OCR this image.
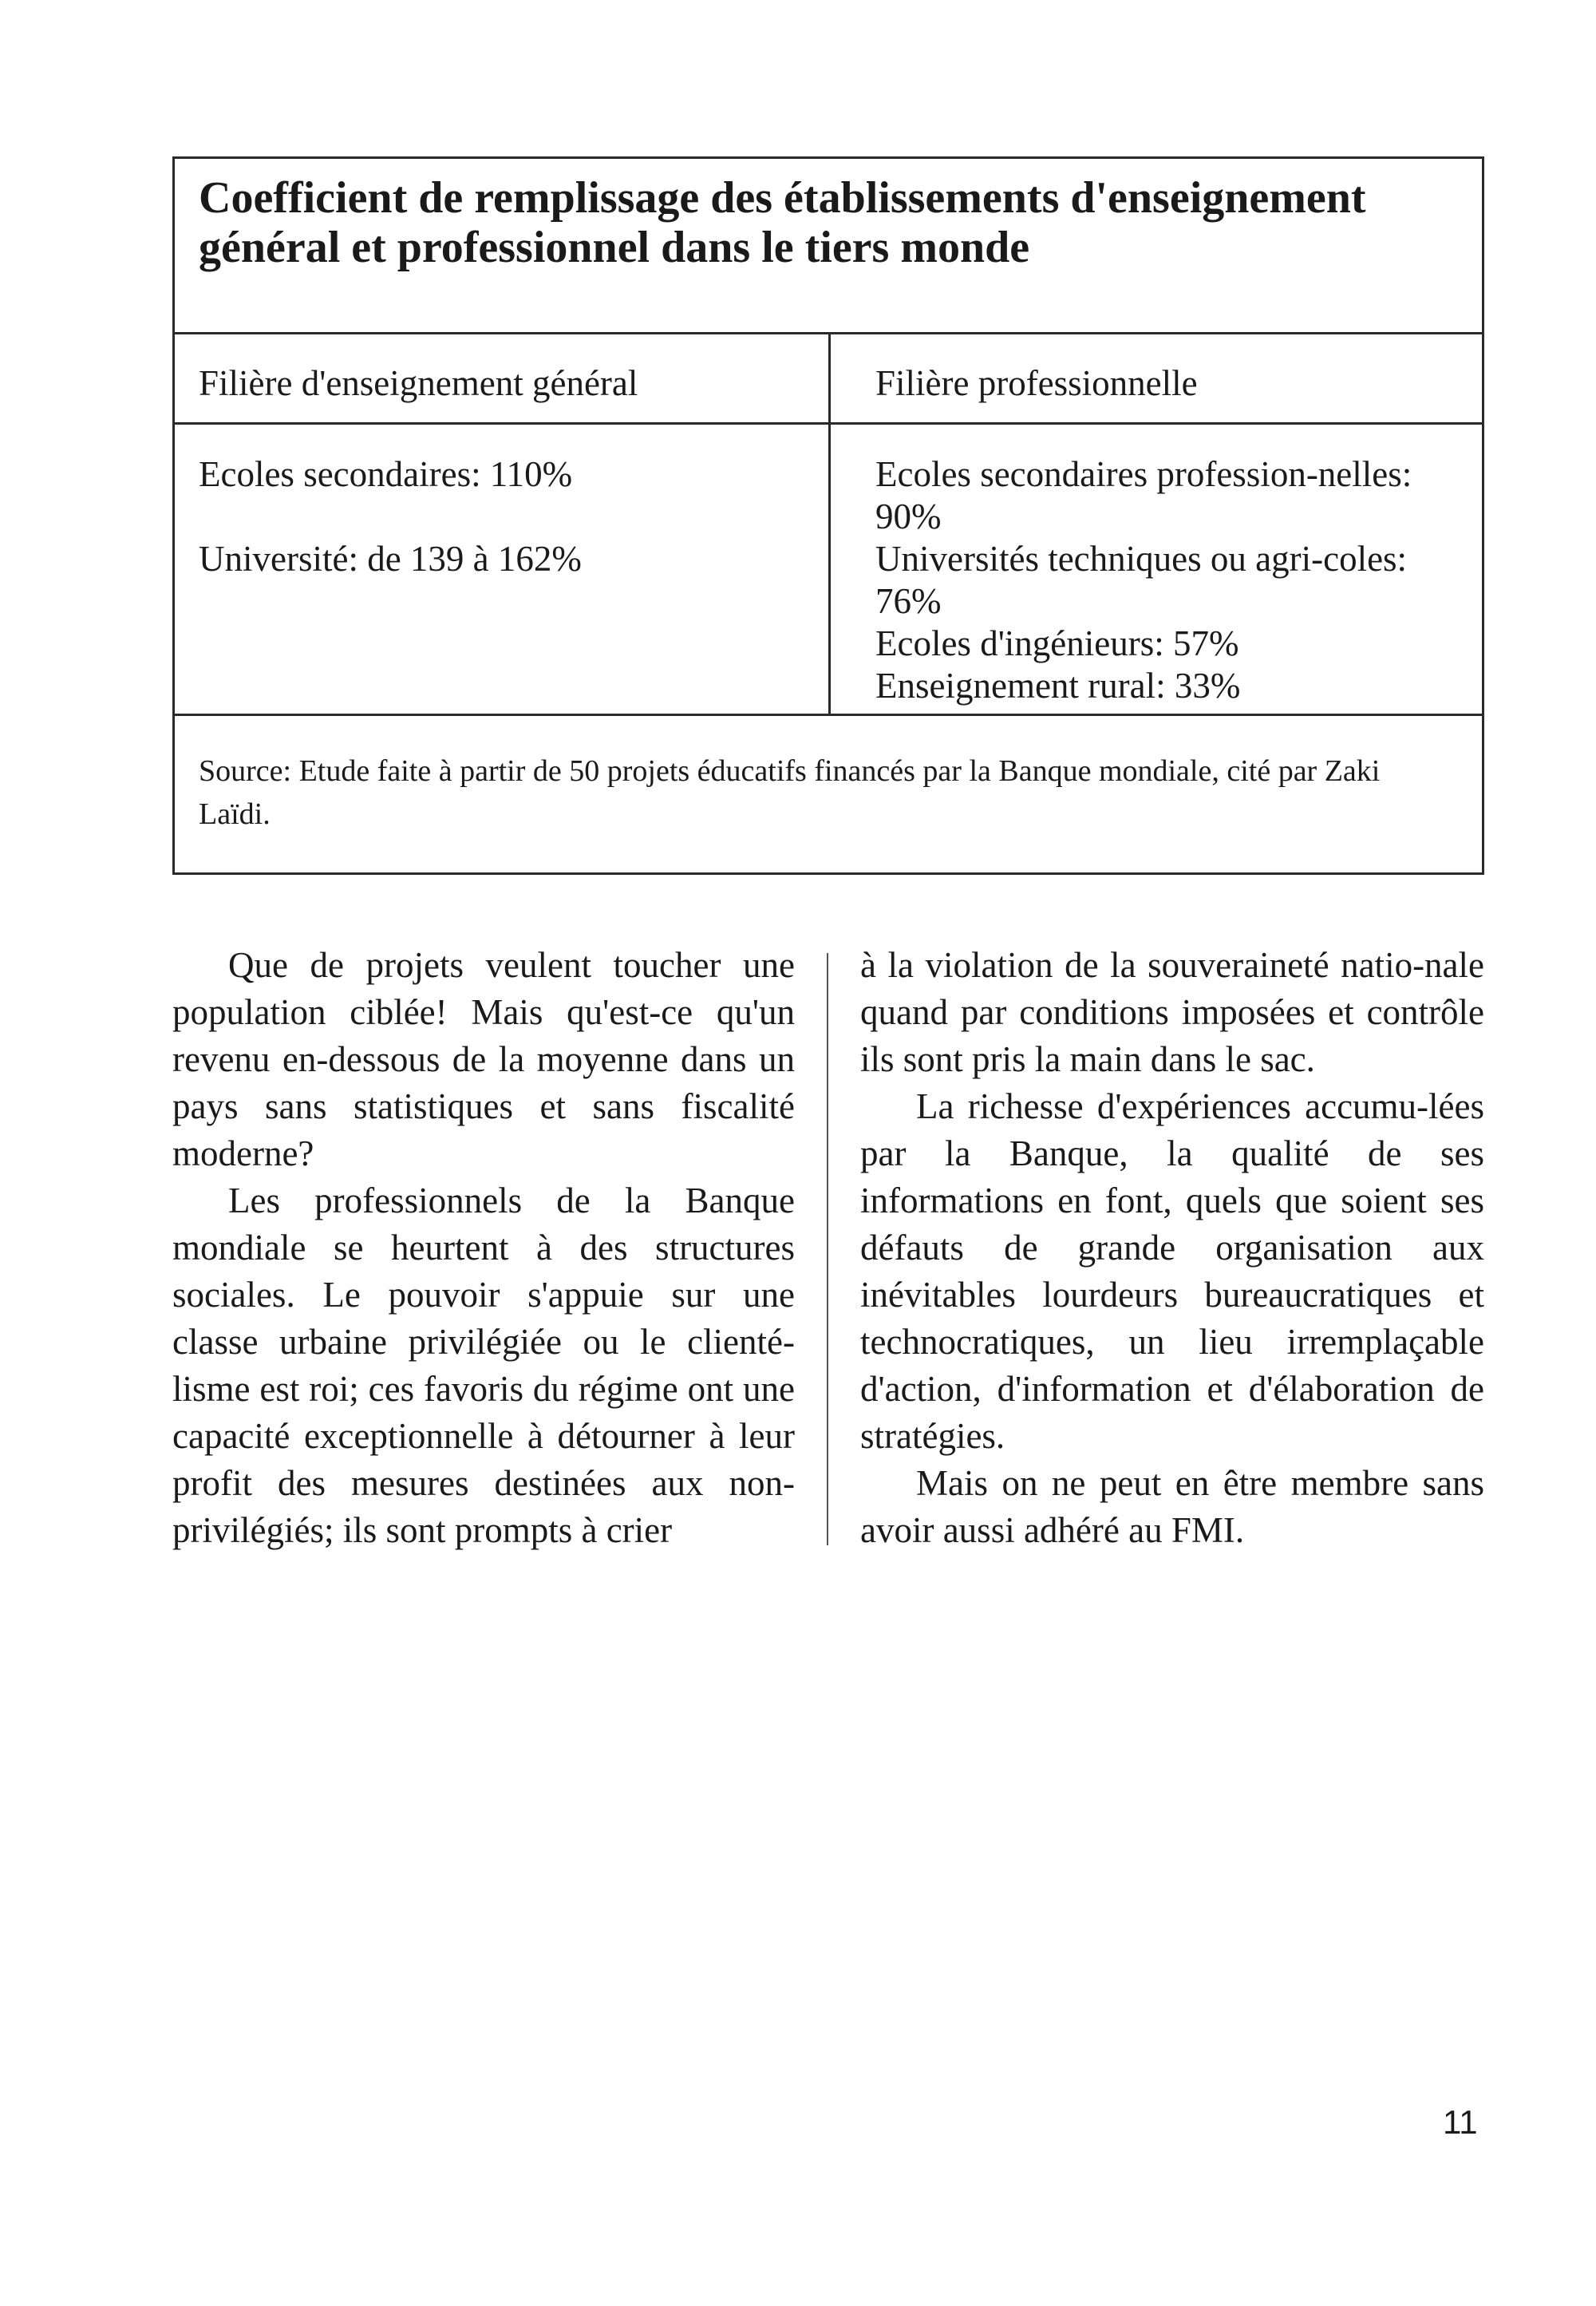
Coefficient de remplissage des établissements d'enseignement général et professionnel dans le tiers monde
Filière d'enseignement général

Ecoles secondaires: 110%

Université: de 139 à 162%

Filière professionnelle

Ecoles secondaires profession-nelles: 90%

Universités techniques ou agri-coles: 76%

Ecoles d'ingénieurs: 57%

Enseignement rural: 33%

Source: Etude faite à partir de 50 projets éducatifs financés par la Banque mondiale, cité par Zaki Laïdi.

Que de projets veulent toucher une population ciblée! Mais qu'est-ce qu'un revenu en-dessous de la moyenne dans un pays sans statistiques et sans fiscalité moderne?

Les professionnels de la Banque mondiale se heurtent à des structures sociales. Le pouvoir s'appuie sur une classe urbaine privilégiée ou le clienté-lisme est roi; ces favoris du régime ont une capacité exceptionnelle à détourner à leur profit des mesures destinées aux non-privilégiés; ils sont prompts à crier

à la violation de la souveraineté natio-nale quand par conditions imposées et contrôle ils sont pris la main dans le sac.

La richesse d'expériences accumu-lées par la Banque, la qualité de ses informations en font, quels que soient ses défauts de grande organisation aux inévitables lourdeurs bureaucratiques et technocratiques, un lieu irremplaçable d'action, d'information et d'élaboration de stratégies.

Mais on ne peut en être membre sans avoir aussi adhéré au FMI.

11
